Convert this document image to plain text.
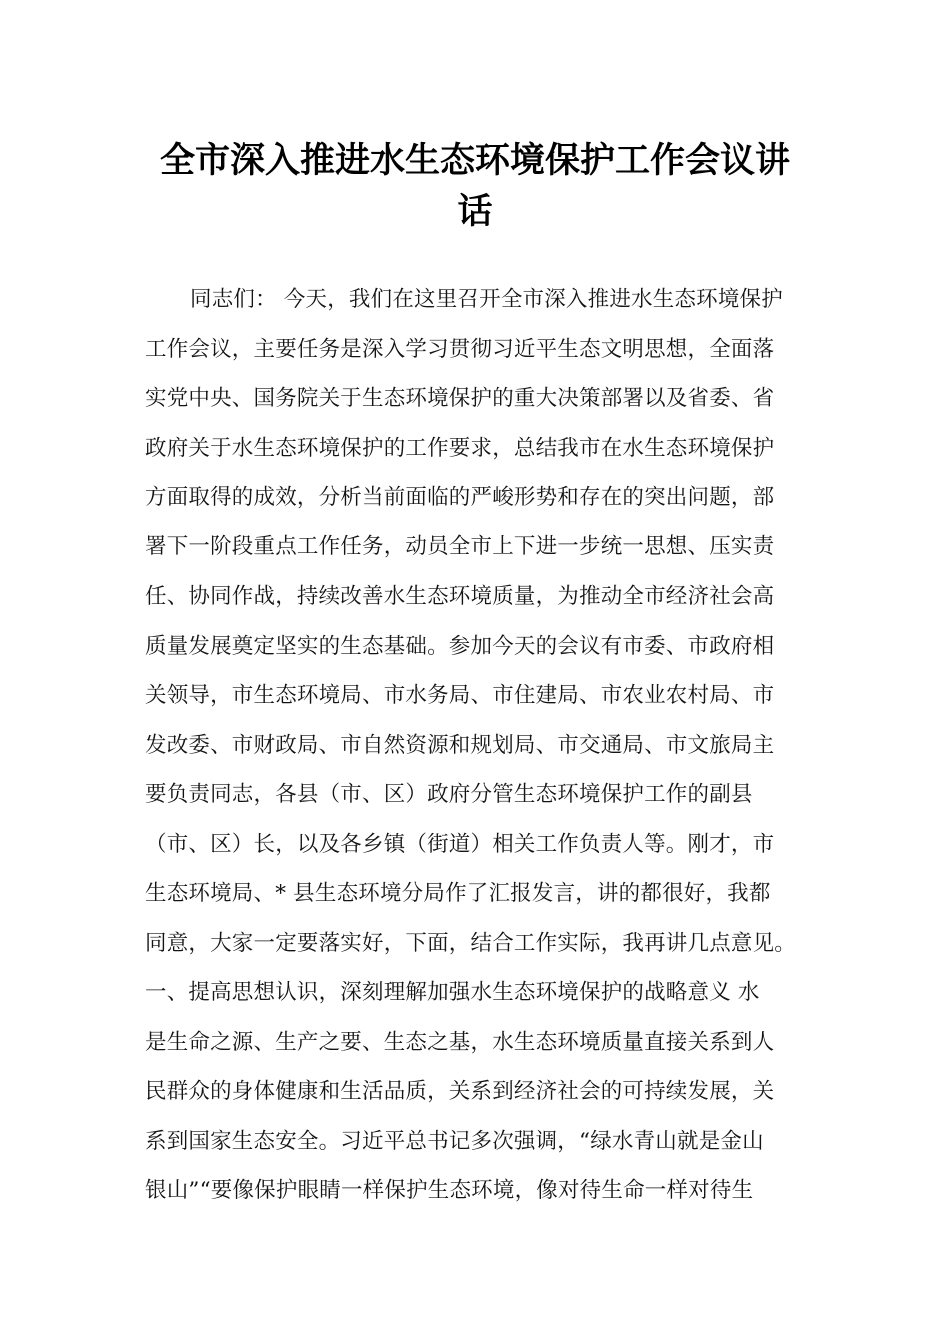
全市深入推进水生态环境保护工作会议讲
话
同志们： 今天，我们在这里召开全市深入推进水生态环境保护
工作会议，主要任务是深入学习贯彻习近平生态文明思想，全面落
实党中央、国务院关于生态环境保护的重大决策部署以及省委、省
政府关于水生态环境保护的工作要求，总结我市在水生态环境保护
方面取得的成效，分析当前面临的严峻形势和存在的突出问题，部
署下一阶段重点工作任务，动员全市上下进一步统一思想、压实责
任、协同作战，持续改善水生态环境质量，为推动全市经济社会高
质量发展奠定坚实的生态基础。参加今天的会议有市委、市政府相
关领导，市生态环境局、市水务局、市住建局、市农业农村局、市
发改委、市财政局、市自然资源和规划局、市交通局、市文旅局主
要负责同志，各县（市、区）政府分管生态环境保护工作的副县
（市、区）长，以及各乡镇（街道）相关工作负责人等。刚才，市
生态环境局、* 县生态环境分局作了汇报发言，讲的都很好，我都
同意，大家一定要落实好，下面，结合工作实际，我再讲几点意见。
一、提高思想认识，深刻理解加强水生态环境保护的战略意义 水
是生命之源、生产之要、生态之基，水生态环境质量直接关系到人
民群众的身体健康和生活品质，关系到经济社会的可持续发展，关
系到国家生态安全。习近平总书记多次强调，“绿水青山就是金山
银山”“要像保护眼睛一样保护生态环境，像对待生命一样对待生
